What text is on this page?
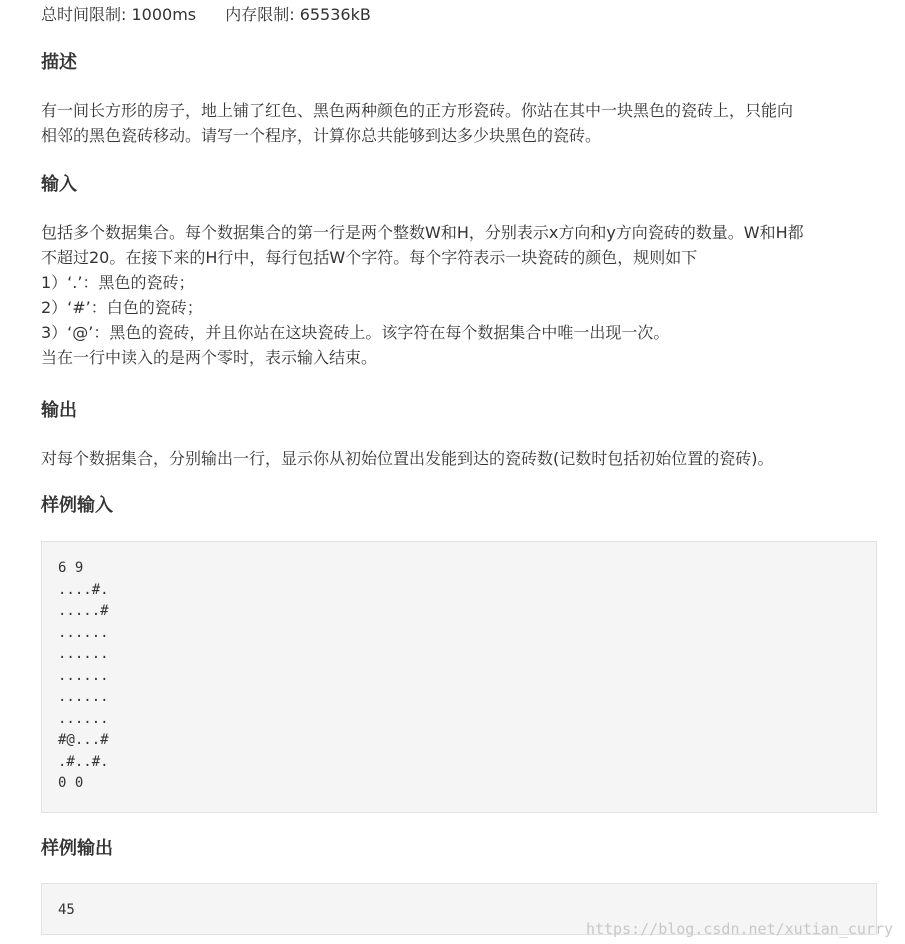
总时间限制: 1000ms 内存限制: 65536kB
描述
有一间长方形的房子，地上铺了红色、黑色两种颜色的正方形瓷砖。你站在其中一块黑色的瓷砖上，只能向
相邻的黑色瓷砖移动。请写一个程序，计算你总共能够到达多少块黑色的瓷砖。
输入
包括多个数据集合。每个数据集合的第一行是两个整数W和H，分别表示x方向和y方向瓷砖的数量。W和H都
不超过20。在接下来的H行中，每行包括W个字符。每个字符表示一块瓷砖的颜色，规则如下
1）‘.’：黑色的瓷砖；
2）‘#’：白色的瓷砖；
3）‘@’：黑色的瓷砖，并且你站在这块瓷砖上。该字符在每个数据集合中唯一出现一次。
当在一行中读入的是两个零时，表示输入结束。
输出
对每个数据集合，分别输出一行，显示你从初始位置出发能到达的瓷砖数(记数时包括初始位置的瓷砖)。
样例输入
6 9
....#.
.....#
......
......
......
......
......
#@...#
.#..#.
0 0
样例输出
45
https://blog.csdn.net/xutian_curry
